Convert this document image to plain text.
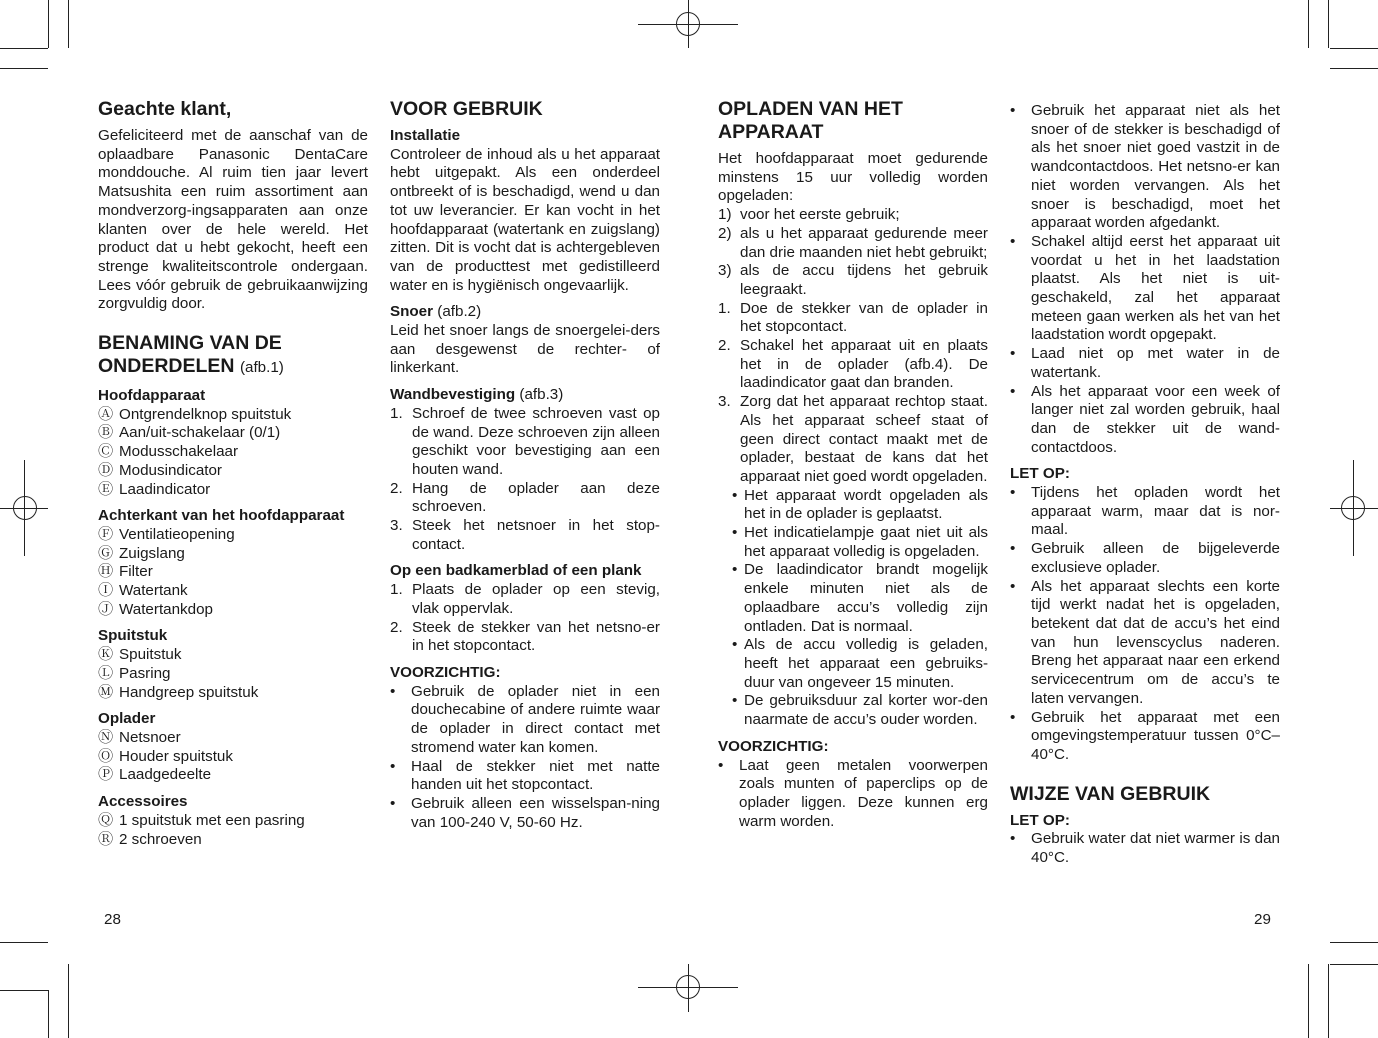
Geachte klant,

Gefeliciteerd met de aanschaf van de oplaadbare Panasonic DentaCare monddouche. Al ruim tien jaar levert Matsushita een ruim assortiment aan mondverzorg-ingsapparaten aan onze klanten over de hele wereld. Het product dat u hebt gekocht, heeft een strenge kwaliteitscontrole ondergaan. Lees vóór gebruik de gebruikaanwijzing zorgvuldig door.

BENAMING VAN DE
ONDERDELEN (afb.1)
Hoofdapparaat
Ⓐ Ontgrendelknop spuitstuk
Ⓑ Aan/uit-schakelaar (0/1)
Ⓒ Modusschakelaar
Ⓓ Modusindicator
Ⓔ Laadindicator
Achterkant van het hoofdapparaat
Ⓕ Ventilatieopening
Ⓖ Zuigslang
Ⓗ Filter
Ⓘ Watertank
Ⓙ Watertankdop
Spuitstuk
Ⓚ Spuitstuk
Ⓛ Pasring
Ⓜ Handgreep spuitstuk
Oplader
Ⓝ Netsnoer
Ⓞ Houder spuitstuk
Ⓟ Laadgedeelte
Accessoires
Ⓠ 1 spuitstuk met een pasring
Ⓡ 2 schroeven
VOOR GEBRUIK
Installatie

Controleer de inhoud als u het apparaat hebt uitgepakt. Als een onderdeel ontbreekt of is beschadigd, wend u dan tot uw leverancier. Er kan vocht in het hoofdapparaat (watertank en zuigslang) zitten. Dit is vocht dat is achtergebleven van de producttest met gedistilleerd water en is hygiënisch ongevaarlijk.

Snoer (afb.2)

Leid het snoer langs de snoergelei-ders aan desgewenst de rechter- of linkerkant.

Wandbevestiging (afb.3)
1. Schroef de twee schroeven vast op de wand. Deze schroeven zijn alleen geschikt voor bevestiging aan een houten wand.
2. Hang de oplader aan deze schroeven.
3. Steek het netsnoer in het stop-contact.
Op een badkamerblad of een plank
1. Plaats de oplader op een stevig, vlak oppervlak.
2. Steek de stekker van het netsno-er in het stopcontact.
VOORZICHTIG:
•	Gebruik de oplader niet in een douchecabine of andere ruimte waar de oplader in direct contact met stromend water kan komen.
•	Haal de stekker niet met natte handen uit het stopcontact.
•	Gebruik alleen een wisselspan-ning van 100-240 V, 50-60 Hz.
OPLADEN VAN HET
APPARAAT

Het hoofdapparaat moet gedurende minstens 15 uur volledig worden opgeladen:

1) voor het eerste gebruik;
2) als u het apparaat gedurende meer dan drie maanden niet hebt gebruikt;
3) als de accu tijdens het gebruik leegraakt.
1. Doe de stekker van de oplader in het stopcontact.
2. Schakel het apparaat uit en plaats het in de oplader (afb.4). De laadindicator gaat dan branden.
3. Zorg dat het apparaat rechtop staat. Als het apparaat scheef staat of geen direct contact maakt met de oplader, bestaat de kans dat het apparaat niet goed wordt opgeladen.
• Het apparaat wordt opgeladen als het in de oplader is geplaatst.
• Het indicatielampje gaat niet uit als het apparaat volledig is opgeladen.
• De laadindicator brandt mogelijk enkele minuten niet als de oplaadbare accu’s volledig zijn ontladen. Dat is normaal.
• Als de accu volledig is geladen, heeft het apparaat een gebruiks-duur van ongeveer 15 minuten.
• De gebruiksduur zal korter wor-den naarmate de accu’s ouder worden.
VOORZICHTIG:
•	Laat geen metalen voorwerpen zoals munten of paperclips op de oplader liggen. Deze kunnen erg warm worden.
•	Gebruik het apparaat niet als het snoer of de stekker is beschadigd of als het snoer niet goed vastzit in de wandcontactdoos. Het netsno-er kan niet worden vervangen. Als het snoer is beschadigd, moet het apparaat worden afgedankt.
•	Schakel altijd eerst het apparaat uit voordat u het in het laadstation plaatst. Als het niet is uit-geschakeld, zal het apparaat meteen gaan werken als het van het laadstation wordt opgepakt.
•	Laad niet op met water in de watertank.
•	Als het apparaat voor een week of langer niet zal worden gebruik, haal dan de stekker uit de wand-contactdoos.
LET OP:
•	Tijdens het opladen wordt het apparaat warm, maar dat is nor-maal.
•	Gebruik alleen de bijgeleverde exclusieve oplader.
•	Als het apparaat slechts een korte tijd werkt nadat het is opgeladen, betekent dat dat de accu’s het eind van hun levenscyclus naderen. Breng het apparaat naar een erkend servicecentrum om de accu’s te laten vervangen.
•	Gebruik het apparaat met een omgevingstemperatuur tussen 0°C– 40°C.
WIJZE VAN GEBRUIK
LET OP:
•	Gebruik water dat niet warmer is dan 40°C.
28	29
